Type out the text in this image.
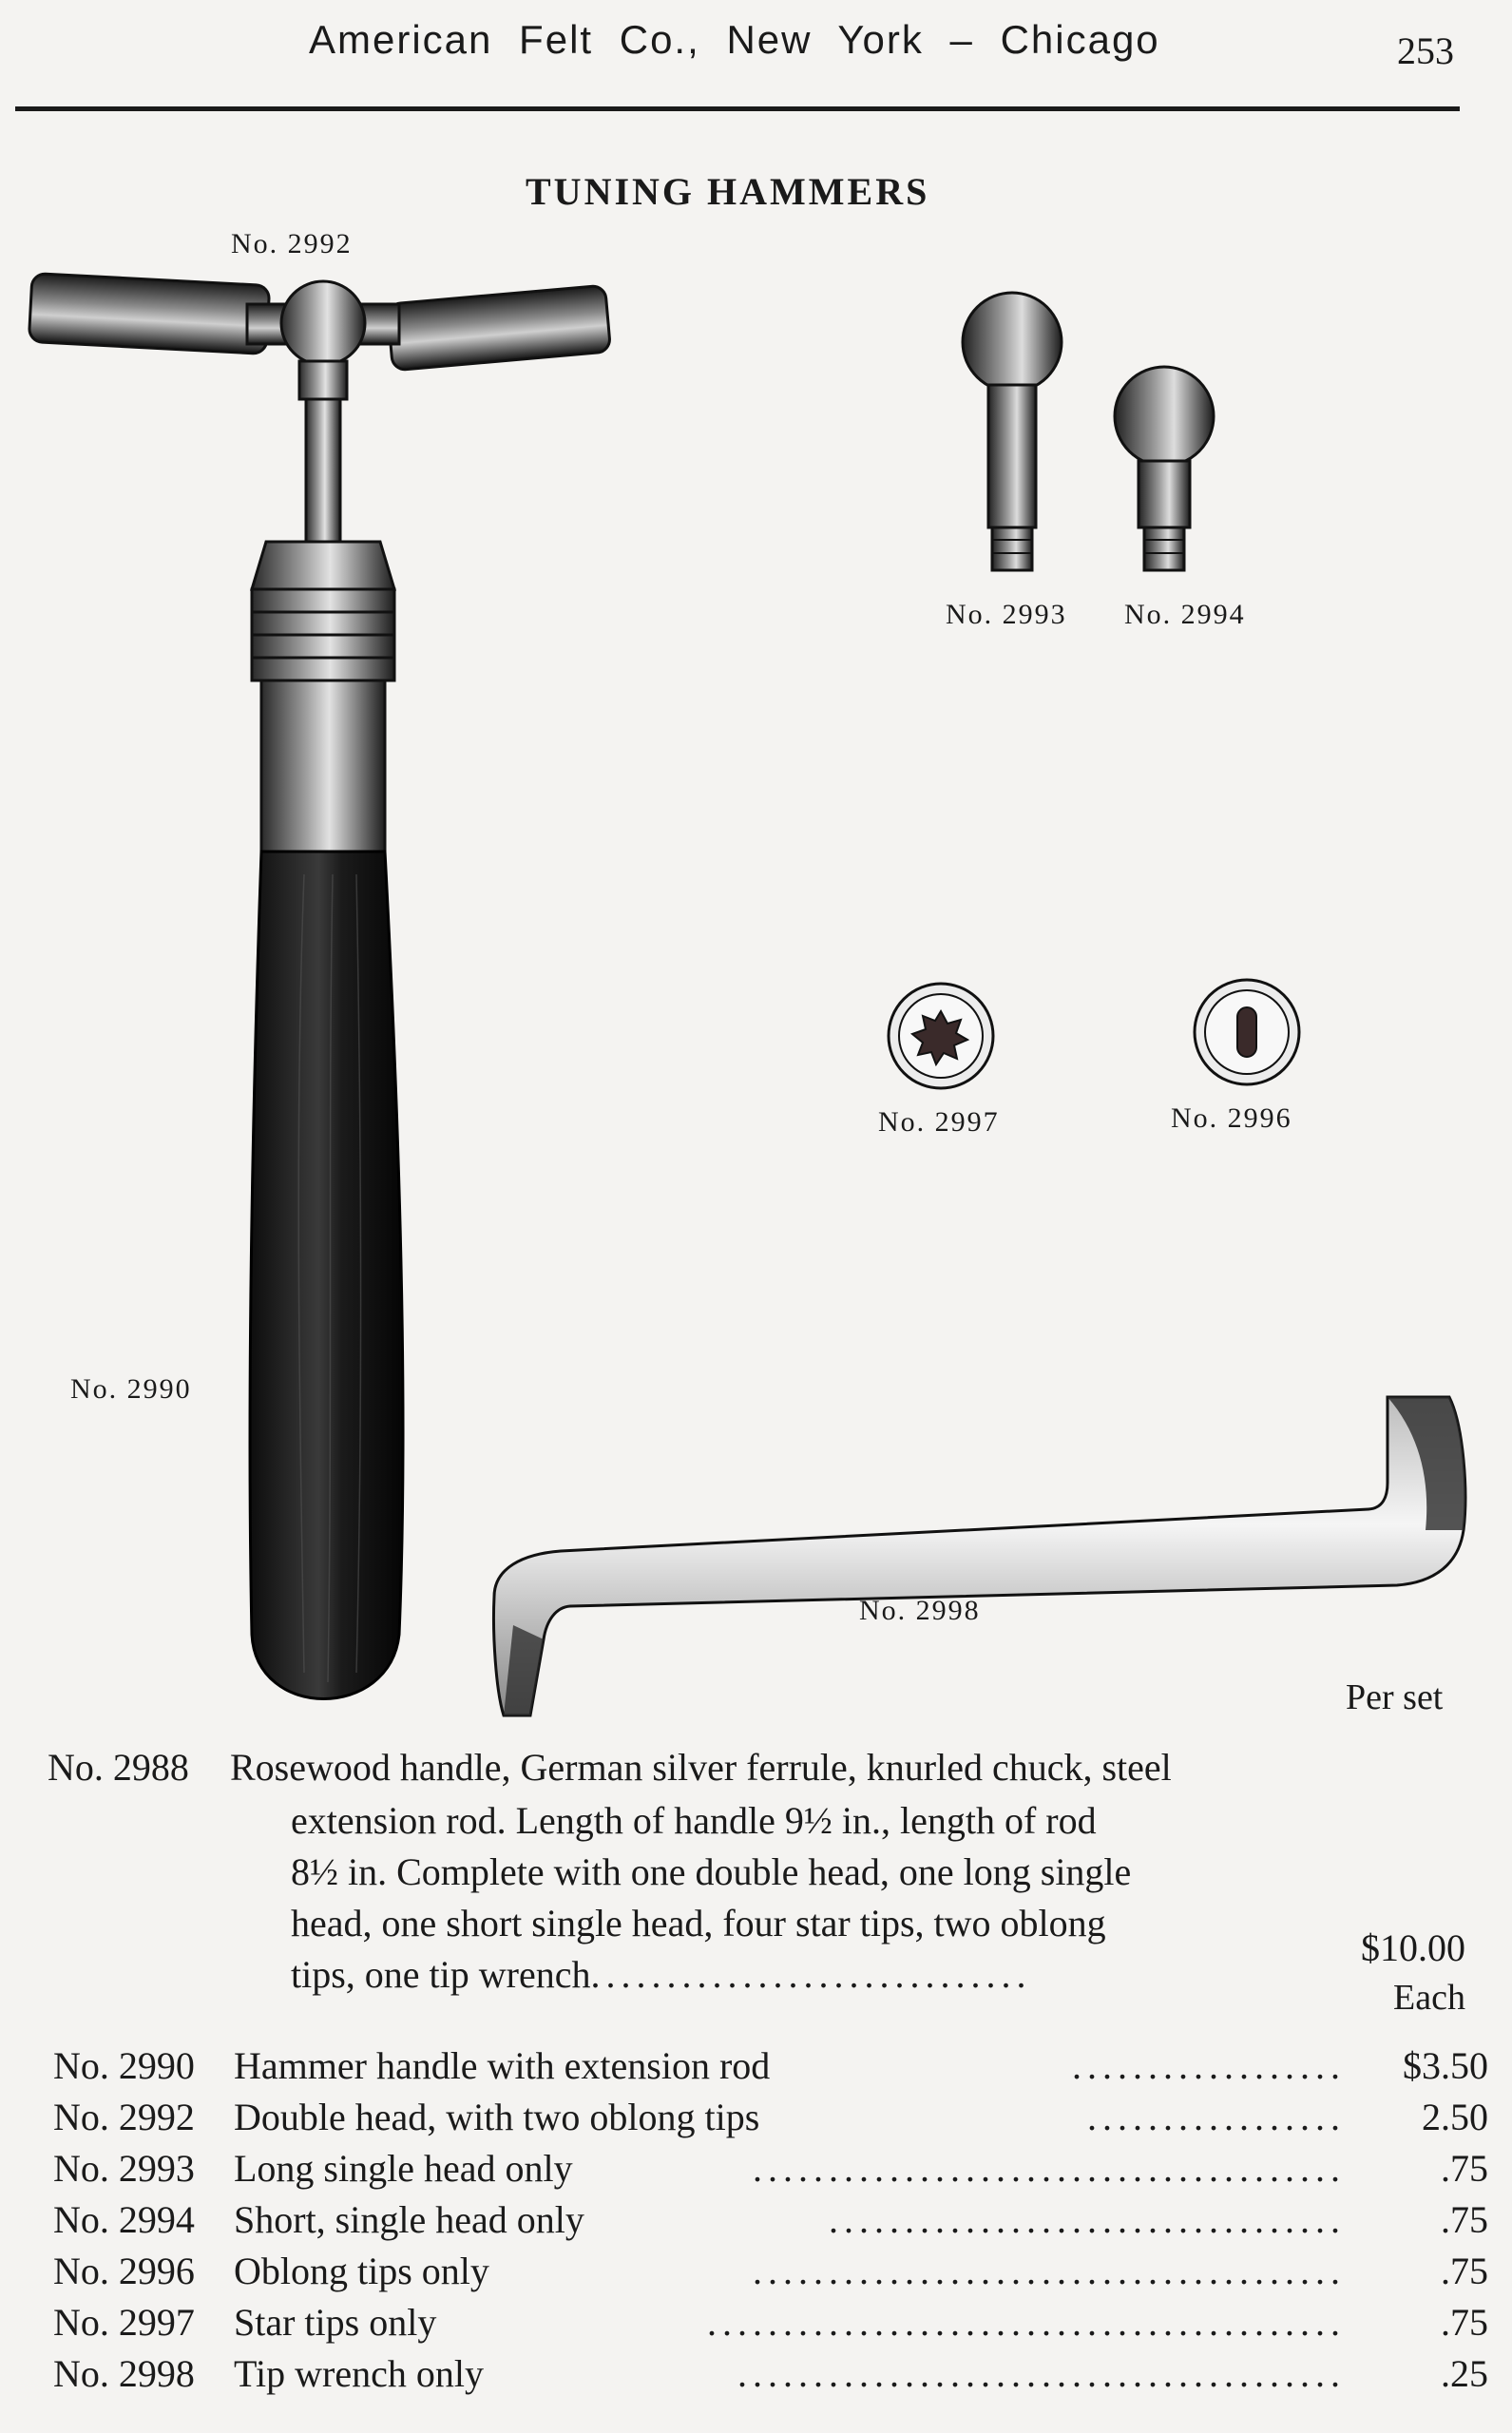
American Felt Co., New York – Chicago	253
TUNING HAMMERS
No. 2992
No. 2993 No. 2994
No. 2997	No. 2996
No. 2990
No. 2998
Per set
No. 2988 Rosewood handle, German silver ferrule, knurled chuck, steel
extension rod. Length of handle 9½ in., length of rod
8½ in. Complete with one double head, one long single
head, one short single head, four star tips, two oblong
tips, one tip wrench.............................
$10.00
Each
No. 2990 Hammer handle with extension rod	.................. $3.50
No. 2992 Double head, with two oblong tips	................. 2.50
No. 2993 Long single head only	.......................................	.75
No. 2994 Short, single head only	..................................	.75
No. 2996 Oblong tips only	.......................................	.75
No. 2997 Star tips only	..........................................	.75
No. 2998 Tip wrench only	........................................	.25
